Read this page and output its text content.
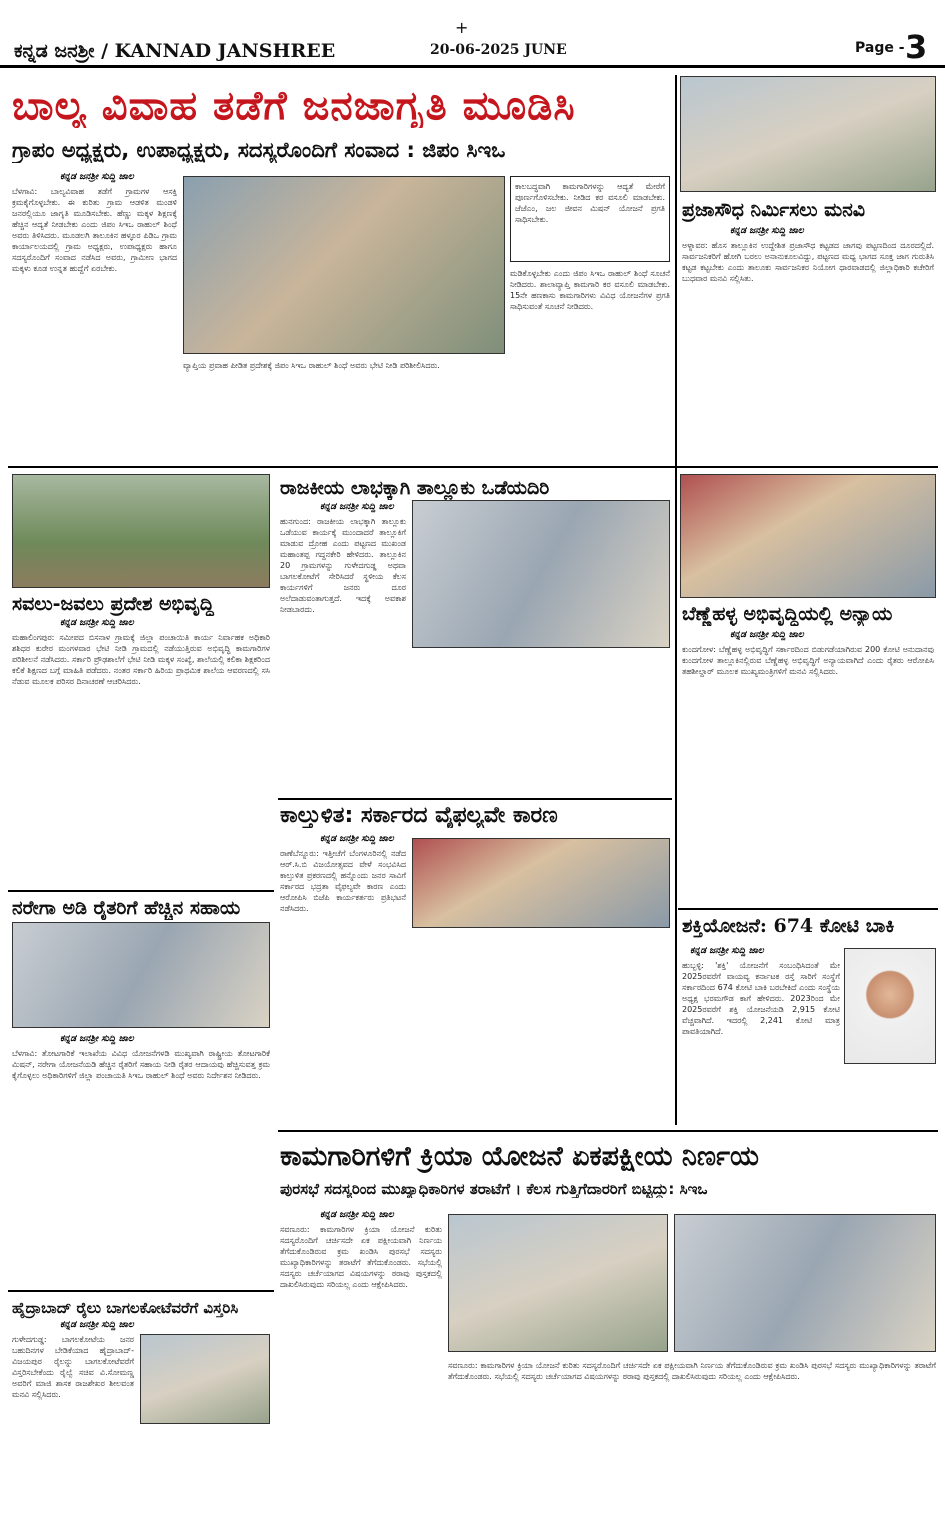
+
ಕನ್ನಡ ಜನಶ್ರೀ / KANNAD JANSHREE	20-06-2025 JUNE	Page - 3
ಬಾಲ್ಯ ವಿವಾಹ ತಡೆಗೆ ಜನಜಾಗೃತಿ ಮೂಡಿಸಿ
ಗ್ರಾಪಂ ಅಧ್ಯಕ್ಷರು, ಉಪಾಧ್ಯಕ್ಷರು, ಸದಸ್ಯರೊಂದಿಗೆ ಸಂವಾದ : ಜಿಪಂ ಸಿಇಒ
ಕನ್ನಡ ಜನಶ್ರೀ ಸುದ್ದಿ ಜಾಲ
ಬೆಳಗಾವಿ: ಬಾಲ್ಯವಿವಾಹ ತಡೆಗೆ ಗ್ರಾಮಗಳ ಆಸಕ್ತಿ ಕ್ರಮಕೈಗೊಳ್ಳಬೇಕು. ಈ ಕುರಿತು ಗ್ರಾಮ ಆಡಳಿತ ಮಂಡಳಿ ಜನರಲ್ಲಿಯೂ ಜಾಗೃತಿ ಮೂಡಿಸಬೇಕು. ಹೆಣ್ಣು ಮಕ್ಕಳ ಶಿಕ್ಷಣಕ್ಕೆ ಹೆಚ್ಚಿನ ಆದ್ಯತೆ ನೀಡಬೇಕು ಎಂದು ಜಿಪಂ ಸಿಇಒ ರಾಹುಲ್ ಶಿಂಧೆ ಅವರು ತಿಳಿಸಿದರು. ಮೂಡಲಗಿ ತಾಲೂಕಿನ ಹಳ್ಳೂರ ಪಿಡಿಒ ಗ್ರಾಮ ಕಾರ್ಯಾಲಯದಲ್ಲಿ ಗ್ರಾಮ ಅಧ್ಯಕ್ಷರು, ಉಪಾಧ್ಯಕ್ಷರು ಹಾಗೂ ಸದಸ್ಯರೊಂದಿಗೆ ಸಂವಾದ ನಡೆಸಿದ ಅವರು, ಗ್ರಾಮೀಣ ಭಾಗದ ಮಕ್ಕಳು ಕೂಡ ಉನ್ನತ ಹುದ್ದೆಗೆ ಏರಬೇಕು.
ಕಾಲಬದ್ಧವಾಗಿ ಕಾಮಗಾರಿಗಳನ್ನು ಆದ್ಯತೆ ಮೇರೆಗೆ ಪೂರ್ಣಗೊಳಿಸಬೇಕು. ನೀಡಿದ ಕರ ವಸೂಲಿ ಮಾಡಬೇಕು. ಜೆಜೆಎಂ, ಜಲ ಜೀವನ ಮಿಷನ್ ಯೋಜನೆ ಪ್ರಗತಿ ಸಾಧಿಸಬೇಕು.
ಮಡಿಕೊಳ್ಳಬೇಕು ಎಂದು ಜಿಪಂ ಸಿಇಒ ರಾಹುಲ್ ಶಿಂಧೆ ಸೂಚನೆ ನೀಡಿದರು. ಶಾಲಾವ್ಯಾಪ್ತಿ ಕಾಮಗಾರಿ ಕರ ವಸೂಲಿ ಮಾಡಬೇಕು. 15ನೇ ಹಣಕಾಸು ಕಾಮಗಾರಿಗಳು ವಿವಿಧ ಯೋಜನೆಗಳ ಪ್ರಗತಿ ಸಾಧಿಸುವಂತೆ ಸೂಚನೆ ನೀಡಿದರು.
ವ್ಯಾಪ್ತಿಯ ಪ್ರವಾಹ ಪೀಡಿತ ಪ್ರದೇಶಕ್ಕೆ ಜಿಪಂ ಸಿಇಒ ರಾಹುಲ್ ಶಿಂಧೆ ಅವರು ಭೇಟಿ ನೀಡಿ ಪರಿಶೀಲಿಸಿದರು.
ಪ್ರಜಾಸೌಧ ನಿರ್ಮಿಸಲು ಮನವಿ
ಕನ್ನಡ ಜನಶ್ರೀ ಸುದ್ದಿ ಜಾಲ
ಅಳ್ನಾವರ: ಹೊಸ ತಾಲ್ಲೂಕಿನ ಉದ್ದೇಶಿತ ಪ್ರಜಾಸೌಧ ಕಟ್ಟಡದ ಜಾಗವು ಪಟ್ಟಣದಿಂದ ದೂರದಲ್ಲಿದೆ. ಸಾರ್ವಜನಿಕರಿಗೆ ಹೋಗಿ ಬರಲು ಅನಾನುಕೂಲವಿದ್ದು, ಪಟ್ಟಣದ ಮಧ್ಯ ಭಾಗದ ಸೂಕ್ತ ಜಾಗ ಗುರುತಿಸಿ ಕಟ್ಟಡ ಕಟ್ಟಬೇಕು ಎಂದು ತಾಲೂಕು ಸಾರ್ವಜನಿಕರ ನಿಯೋಗ ಧಾರವಾಡದಲ್ಲಿ ಜಿಲ್ಲಾಧಿಕಾರಿ ಕಚೇರಿಗೆ ಬುಧವಾರ ಮನವಿ ಸಲ್ಲಿಸಿತು.
ಸವಲು-ಜವಲು ಪ್ರದೇಶ ಅಭಿವೃದ್ಧಿ
ಕನ್ನಡ ಜನಶ್ರೀ ಸುದ್ದಿ ಜಾಲ
ಮಹಾಲಿಂಗಪುರ: ಸಮೀಪದ ಬಿಸನಾಳ ಗ್ರಾಮಕ್ಕೆ ಜಿಲ್ಲಾ ಪಂಚಾಯಿತಿ ಕಾರ್ಯ ನಿರ್ವಾಹಕ ಅಧಿಕಾರಿ ಶಶಿಧರ ಕುರೇರ ಮಂಗಳವಾರ ಭೇಟಿ ನೀಡಿ ಗ್ರಾಮದಲ್ಲಿ ನಡೆಯುತ್ತಿರುವ ಅಭಿವೃದ್ಧಿ ಕಾಮಗಾರಿಗಳ ಪರಿಶೀಲನೆ ನಡೆಸಿದರು. ಸರ್ಕಾರಿ ಪ್ರೌಢಶಾಲೆಗೆ ಭೇಟಿ ನೀಡಿ ಮಕ್ಕಳ ಸಂಖ್ಯೆ, ಶಾಲೆಯಲ್ಲಿ ಕಲಿಕಾ ಶಿಕ್ಷಕರಿಂದ ಕಲಿಕೆ ಶಿಕ್ಷಣದ ಬಗ್ಗೆ ಮಾಹಿತಿ ಪಡೆದರು. ನಂತರ ಸರ್ಕಾರಿ ಹಿರಿಯ ಪ್ರಾಥಮಿಕ ಶಾಲೆಯ ಆವರಣದಲ್ಲಿ ಸಸಿ ನೆಡುವ ಮೂಲಕ ಪರಿಸರ ದಿನಾಚರಣೆ ಆಚರಿಸಿದರು.
ರಾಜಕೀಯ ಲಾಭಕ್ಕಾಗಿ ತಾಲ್ಲೂಕು ಒಡೆಯದಿರಿ
ಕನ್ನಡ ಜನಶ್ರೀ ಸುದ್ದಿ ಜಾಲ
ಹುನಗುಂದ: ರಾಜಕೀಯ ಲಾಭಕ್ಕಾಗಿ ತಾಲ್ಲೂಕು ಒಡೆಯುವ ಕಾರ್ಯಕ್ಕೆ ಮುಂದಾದರೆ ತಾಲ್ಲೂಕಿಗೆ ಮಾಡುವ ದ್ರೋಹ ಎಂದು ಪಟ್ಟಣದ ಮುಖಂಡ ಮಹಾಂತಪ್ಪ ಗದ್ದನಕೇರಿ ಹೇಳಿದರು. ತಾಲ್ಲೂಕಿನ 20 ಗ್ರಾಮಗಳನ್ನು ಗುಳೇದಗುಡ್ಡ ಅಥವಾ ಬಾಗಲಕೋಟೆಗೆ ಸೇರಿಸಿದರೆ ಸ್ಥಳೀಯ ಕೆಲಸ ಕಾರ್ಯಗಳಿಗೆ ಜನರು ದೂರ ಅಲೆದಾಡುವಂತಾಗುತ್ತದೆ. ಇದಕ್ಕೆ ಅವಕಾಶ ನೀಡಬಾರದು.	ಬೆಣ್ಣೆಹಳ್ಳ ಅಭಿವೃದ್ಧಿಯಲ್ಲಿ ಅನ್ಯಾಯ
ಕನ್ನಡ ಜನಶ್ರೀ ಸುದ್ದಿ ಜಾಲ
ಕುಂದಗೋಳ: ಬೆಣ್ಣೆಹಳ್ಳ ಅಭಿವೃದ್ಧಿಗೆ ಸರ್ಕಾರದಿಂದ ಬಿಡುಗಡೆಯಾಗಿರುವ 200 ಕೋಟಿ ಅನುದಾನವು ಕುಂದಗೋಳ ತಾಲ್ಲೂಕಿನಲ್ಲಿರುವ ಬೆಣ್ಣೆಹಳ್ಳ ಅಭಿವೃದ್ಧಿಗೆ ಅನ್ಯಾಯವಾಗಿದೆ ಎಂದು ರೈತರು ಆರೋಪಿಸಿ ತಹಶೀಲ್ದಾರ್ ಮೂಲಕ ಮುಖ್ಯಮಂತ್ರಿಗಳಿಗೆ ಮನವಿ ಸಲ್ಲಿಸಿದರು.
ಕಾಲ್ತುಳಿತ: ಸರ್ಕಾರದ ವೈಫಲ್ಯವೇ ಕಾರಣ
ಕನ್ನಡ ಜನಶ್ರೀ ಸುದ್ದಿ ಜಾಲ
ರಾಣೆಬೆನ್ನೂರು: ಇತ್ತೀಚೆಗೆ ಬೆಂಗಳೂರಿನಲ್ಲಿ ನಡೆದ ಆರ್.ಸಿ.ಬಿ ವಿಜಯೋತ್ಸವದ ವೇಳೆ ಸಂಭವಿಸಿದ ಕಾಲ್ತುಳಿತ ಪ್ರಕರಣದಲ್ಲಿ ಹನ್ನೊಂದು ಜನರ ಸಾವಿಗೆ ಸರ್ಕಾರದ ಭದ್ರತಾ ವೈಫಲ್ಯವೇ ಕಾರಣ ಎಂದು ಆರೋಪಿಸಿ ಬಿಜೆಪಿ ಕಾರ್ಯಕರ್ತರು ಪ್ರತಿಭಟನೆ ನಡೆಸಿದರು.
ನರೇಗಾ ಅಡಿ ರೈತರಿಗೆ ಹೆಚ್ಚಿನ ಸಹಾಯ
ಕನ್ನಡ ಜನಶ್ರೀ ಸುದ್ದಿ ಜಾಲ
ಬೆಳಗಾವಿ: ತೋಟಗಾರಿಕೆ ಇಲಾಖೆಯ ವಿವಿಧ ಯೋಜನೆಗಳಡಿ ಮುಖ್ಯವಾಗಿ ರಾಷ್ಟ್ರೀಯ ತೋಟಗಾರಿಕೆ ಮಿಷನ್, ನರೇಗಾ ಯೋಜನೆಯಡಿ ಹೆಚ್ಚಿನ ರೈತರಿಗೆ ಸಹಾಯ ನೀಡಿ ರೈತರ ಆದಾಯವು ಹೆಚ್ಚಿಸುವತ್ತ ಕ್ರಮ ಕೈಗೊಳ್ಳಲು ಅಧಿಕಾರಿಗಳಿಗೆ ಜಿಲ್ಲಾ ಪಂಚಾಯತಿ ಸಿಇಒ ರಾಹುಲ್ ಶಿಂಧೆ ಅವರು ನಿರ್ದೇಶನ ನೀಡಿದರು.
ಶಕ್ತಿಯೋಜನೆ: 674 ಕೋಟಿ ಬಾಕಿ
ಕನ್ನಡ ಜನಶ್ರೀ ಸುದ್ದಿ ಜಾಲ
ಹುಬ್ಬಳ್ಳಿ: 'ಶಕ್ತಿ' ಯೋಜನೆಗೆ ಸಂಬಂಧಿಸಿದಂತೆ ಮೇ 2025ರವರೆಗೆ ವಾಯವ್ಯ ಕರ್ನಾಟಕ ರಸ್ತೆ ಸಾರಿಗೆ ಸಂಸ್ಥೆಗೆ ಸರ್ಕಾರದಿಂದ 674 ಕೋಟಿ ಬಾಕಿ ಬರಬೇಕಿದೆ ಎಂದು ಸಂಸ್ಥೆಯ ಅಧ್ಯಕ್ಷ ಭರಮಗೌಡ ಕಾಗೆ ಹೇಳಿದರು. 2023ರಿಂದ ಮೇ 2025ರವರೆಗೆ ಶಕ್ತಿ ಯೋಜನೆಯಡಿ 2,915 ಕೋಟಿ ವೆಚ್ಚವಾಗಿದೆ. ಇದರಲ್ಲಿ 2,241 ಕೋಟಿ ಮಾತ್ರ ಪಾವತಿಯಾಗಿದೆ.
ಕಾಮಗಾರಿಗಳಿಗೆ ಕ್ರಿಯಾ ಯೋಜನೆ ಏಕಪಕ್ಷೀಯ ನಿರ್ಣಯ
ಪುರಸಭೆ ಸದಸ್ಯರಿಂದ ಮುಖ್ಯಾಧಿಕಾರಿಗಳ ತರಾಟೆಗೆ । ಕೆಲಸ ಗುತ್ತಿಗೆದಾರರಿಗೆ ಬಿಟ್ಟಿದ್ದು: ಸಿಇಒ
ಕನ್ನಡ ಜನಶ್ರೀ ಸುದ್ದಿ ಜಾಲ
ಸವಣೂರು: ಕಾಮಗಾರಿಗಳ ಕ್ರಿಯಾ ಯೋಜನೆ ಕುರಿತು ಸದಸ್ಯರೊಂದಿಗೆ ಚರ್ಚಿಸದೇ ಏಕ ಪಕ್ಷೀಯವಾಗಿ ನಿರ್ಣಯ ತೆಗೆದುಕೊಂಡಿರುವ ಕ್ರಮ ಖಂಡಿಸಿ ಪುರಸಭೆ ಸದಸ್ಯರು ಮುಖ್ಯಾಧಿಕಾರಿಗಳನ್ನು ತರಾಟೆಗೆ ತೆಗೆದುಕೊಂಡರು. ಸಭೆಯಲ್ಲಿ ಸದಸ್ಯರು ಚರ್ಚೆಯಾಗದ ವಿಷಯಗಳನ್ನು ಠರಾವು ಪುಸ್ತಕದಲ್ಲಿ ದಾಖಲಿಸಿರುವುದು ಸರಿಯಲ್ಲ ಎಂದು ಆಕ್ಷೇಪಿಸಿದರು.
ಸವಣೂರು: ಕಾಮಗಾರಿಗಳ ಕ್ರಿಯಾ ಯೋಜನೆ ಕುರಿತು ಸದಸ್ಯರೊಂದಿಗೆ ಚರ್ಚಿಸದೇ ಏಕ ಪಕ್ಷೀಯವಾಗಿ ನಿರ್ಣಯ ತೆಗೆದುಕೊಂಡಿರುವ ಕ್ರಮ ಖಂಡಿಸಿ ಪುರಸಭೆ ಸದಸ್ಯರು ಮುಖ್ಯಾಧಿಕಾರಿಗಳನ್ನು ತರಾಟೆಗೆ ತೆಗೆದುಕೊಂಡರು. ಸಭೆಯಲ್ಲಿ ಸದಸ್ಯರು ಚರ್ಚೆಯಾಗದ ವಿಷಯಗಳನ್ನು ಠರಾವು ಪುಸ್ತಕದಲ್ಲಿ ದಾಖಲಿಸಿರುವುದು ಸರಿಯಲ್ಲ ಎಂದು ಆಕ್ಷೇಪಿಸಿದರು.
ಹೈದ್ರಾಬಾದ್ ರೈಲು ಬಾಗಲಕೋಟೆವರೆಗೆ ವಿಸ್ತರಿಸಿ
ಕನ್ನಡ ಜನಶ್ರೀ ಸುದ್ದಿ ಜಾಲ
ಗುಳೇದಗುಡ್ಡ: ಬಾಗಲಕೋಟೆಯ ಜನರ ಬಹುದಿನಗಳ ಬೇಡಿಕೆಯಾದ ಹೈದ್ರಾಬಾದ್-ವಿಜಯಪುರ ರೈಲನ್ನು ಬಾಗಲಕೋಟೆವರೆಗೆ ವಿಸ್ತರಿಸಬೇಕೆಂದು ರೈಲ್ವೆ ಸಚಿವ ವಿ.ಸೋಮಣ್ಣ ಅವರಿಗೆ ಮಾಜಿ ಶಾಸಕ ರಾಜಶೇಖರ ಶೀಲವಂತ ಮನವಿ ಸಲ್ಲಿಸಿದರು.
